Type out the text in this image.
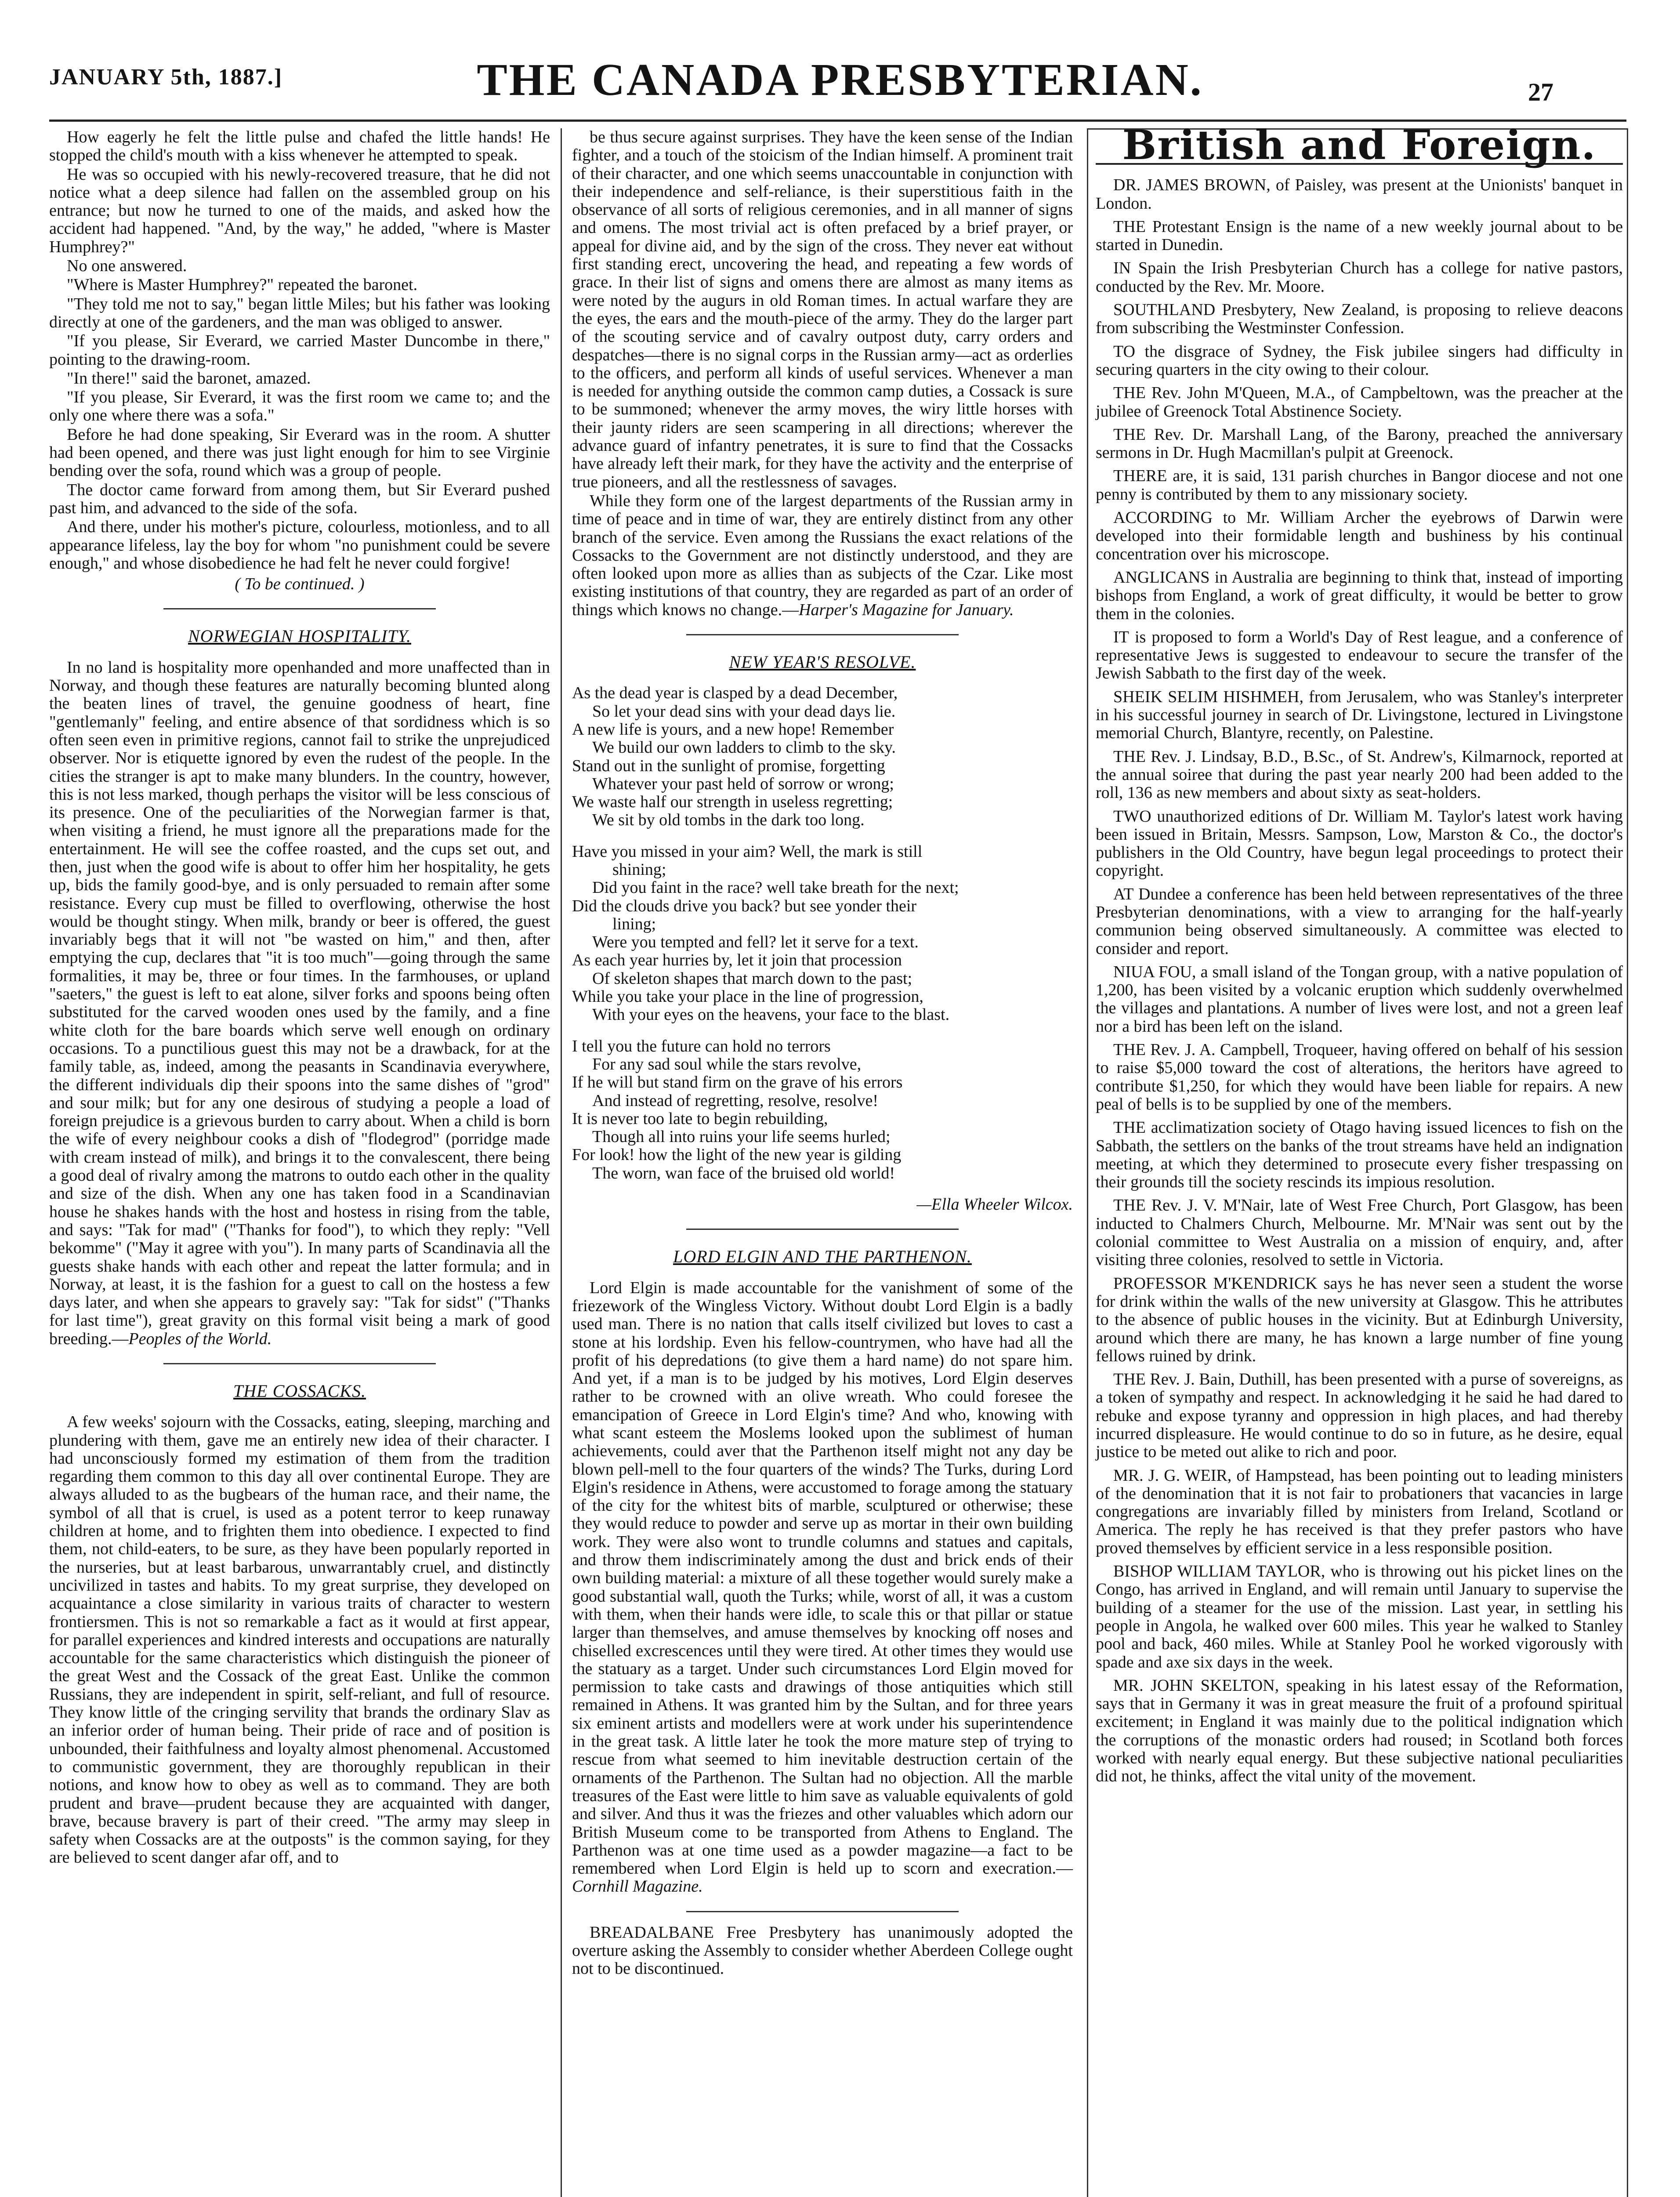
JANUARY 5th, 1887.]	THE CANADA PRESBYTERIAN.	27

How eagerly he felt the little pulse and chafed the little hands! He stopped the child's mouth with a kiss whenever he attempted to speak.

He was so occupied with his newly-recovered treasure, that he did not notice what a deep silence had fallen on the assembled group on his entrance; but now he turned to one of the maids, and asked how the accident had happened. "And, by the way," he added, "where is Master Humphrey?"

No one answered.

"Where is Master Humphrey?" repeated the baronet.

"They told me not to say," began little Miles; but his father was looking directly at one of the gardeners, and the man was obliged to answer.

"If you please, Sir Everard, we carried Master Duncombe in there," pointing to the drawing-room.

"In there!" said the baronet, amazed.

"If you please, Sir Everard, it was the first room we came to; and the only one where there was a sofa."

Before he had done speaking, Sir Everard was in the room. A shutter had been opened, and there was just light enough for him to see Virginie bending over the sofa, round which was a group of people.

The doctor came forward from among them, but Sir Everard pushed past him, and advanced to the side of the sofa.

And there, under his mother's picture, colourless, motionless, and to all appearance lifeless, lay the boy for whom "no punishment could be severe enough," and whose disobedience he had felt he never could forgive!

( To be continued. )

NORWEGIAN HOSPITALITY.

In no land is hospitality more openhanded and more unaffected than in Norway, and though these features are naturally becoming blunted along the beaten lines of travel, the genuine goodness of heart, fine "gentlemanly" feeling, and entire absence of that sordidness which is so often seen even in primitive regions, cannot fail to strike the unprejudiced observer. Nor is etiquette ignored by even the rudest of the people. In the cities the stranger is apt to make many blunders. In the country, however, this is not less marked, though perhaps the visitor will be less conscious of its presence. One of the peculiarities of the Norwegian farmer is that, when visiting a friend, he must ignore all the preparations made for the entertainment. He will see the coffee roasted, and the cups set out, and then, just when the good wife is about to offer him her hospitality, he gets up, bids the family good-bye, and is only persuaded to remain after some resistance. Every cup must be filled to overflowing, otherwise the host would be thought stingy. When milk, brandy or beer is offered, the guest invariably begs that it will not "be wasted on him," and then, after emptying the cup, declares that "it is too much"—going through the same formalities, it may be, three or four times. In the farmhouses, or upland "saeters," the guest is left to eat alone, silver forks and spoons being often substituted for the carved wooden ones used by the family, and a fine white cloth for the bare boards which serve well enough on ordinary occasions. To a punctilious guest this may not be a drawback, for at the family table, as, indeed, among the peasants in Scandinavia everywhere, the different individuals dip their spoons into the same dishes of "grod" and sour milk; but for any one desirous of studying a people a load of foreign prejudice is a grievous burden to carry about. When a child is born the wife of every neighbour cooks a dish of "flodegrod" (porridge made with cream instead of milk), and brings it to the convalescent, there being a good deal of rivalry among the matrons to outdo each other in the quality and size of the dish. When any one has taken food in a Scandinavian house he shakes hands with the host and hostess in rising from the table, and says: "Tak for mad" ("Thanks for food"), to which they reply: "Vell bekomme" ("May it agree with you"). In many parts of Scandinavia all the guests shake hands with each other and repeat the latter formula; and in Norway, at least, it is the fashion for a guest to call on the hostess a few days later, and when she appears to gravely say: "Tak for sidst" ("Thanks for last time"), great gravity on this formal visit being a mark of good breeding.—Peoples of the World.

THE COSSACKS.

A few weeks' sojourn with the Cossacks, eating, sleeping, marching and plundering with them, gave me an entirely new idea of their character. I had unconsciously formed my estimation of them from the tradition regarding them common to this day all over continental Europe. They are always alluded to as the bugbears of the human race, and their name, the symbol of all that is cruel, is used as a potent terror to keep runaway children at home, and to frighten them into obedience. I expected to find them, not child-eaters, to be sure, as they have been popularly reported in the nurseries, but at least barbarous, unwarrantably cruel, and distinctly uncivilized in tastes and habits. To my great surprise, they developed on acquaintance a close similarity in various traits of character to western frontiersmen. This is not so remarkable a fact as it would at first appear, for parallel experiences and kindred interests and occupations are naturally accountable for the same characteristics which distinguish the pioneer of the great West and the Cossack of the great East. Unlike the common Russians, they are independent in spirit, self-reliant, and full of resource. They know little of the cringing servility that brands the ordinary Slav as an inferior order of human being. Their pride of race and of position is unbounded, their faithfulness and loyalty almost phenomenal. Accustomed to communistic government, they are thoroughly republican in their notions, and know how to obey as well as to command. They are both prudent and brave—prudent because they are acquainted with danger, brave, because bravery is part of their creed. "The army may sleep in safety when Cossacks are at the outposts" is the common saying, for they are believed to scent danger afar off, and to

be thus secure against surprises. They have the keen sense of the Indian fighter, and a touch of the stoicism of the Indian himself. A prominent trait of their character, and one which seems unaccountable in conjunction with their independence and self-reliance, is their superstitious faith in the observance of all sorts of religious ceremonies, and in all manner of signs and omens. The most trivial act is often prefaced by a brief prayer, or appeal for divine aid, and by the sign of the cross. They never eat without first standing erect, uncovering the head, and repeating a few words of grace. In their list of signs and omens there are almost as many items as were noted by the augurs in old Roman times. In actual warfare they are the eyes, the ears and the mouth-piece of the army. They do the larger part of the scouting service and of cavalry outpost duty, carry orders and despatches—there is no signal corps in the Russian army—act as orderlies to the officers, and perform all kinds of useful services. Whenever a man is needed for anything outside the common camp duties, a Cossack is sure to be summoned; whenever the army moves, the wiry little horses with their jaunty riders are seen scampering in all directions; wherever the advance guard of infantry penetrates, it is sure to find that the Cossacks have already left their mark, for they have the activity and the enterprise of true pioneers, and all the restlessness of savages.

While they form one of the largest departments of the Russian army in time of peace and in time of war, they are entirely distinct from any other branch of the service. Even among the Russians the exact relations of the Cossacks to the Government are not distinctly understood, and they are often looked upon more as allies than as subjects of the Czar. Like most existing institutions of that country, they are regarded as part of an order of things which knows no change.—Harper's Magazine for January.

NEW YEAR'S RESOLVE.
As the dead year is clasped by a dead December,
So let your dead sins with your dead days lie.
A new life is yours, and a new hope! Remember
We build our own ladders to climb to the sky.
Stand out in the sunlight of promise, forgetting
Whatever your past held of sorrow or wrong;
We waste half our strength in useless regretting;
We sit by old tombs in the dark too long.
Have you missed in your aim? Well, the mark is still
shining;
Did you faint in the race? well take breath for the next;
Did the clouds drive you back? but see yonder their
lining;
Were you tempted and fell? let it serve for a text.
As each year hurries by, let it join that procession
Of skeleton shapes that march down to the past;
While you take your place in the line of progression,
With your eyes on the heavens, your face to the blast.
I tell you the future can hold no terrors
For any sad soul while the stars revolve,
If he will but stand firm on the grave of his errors
And instead of regretting, resolve, resolve!
It is never too late to begin rebuilding,
Though all into ruins your life seems hurled;
For look! how the light of the new year is gilding
The worn, wan face of the bruised old world!
—Ella Wheeler Wilcox.
LORD ELGIN AND THE PARTHENON.

Lord Elgin is made accountable for the vanishment of some of the friezework of the Wingless Victory. Without doubt Lord Elgin is a badly used man. There is no nation that calls itself civilized but loves to cast a stone at his lordship. Even his fellow-countrymen, who have had all the profit of his depredations (to give them a hard name) do not spare him. And yet, if a man is to be judged by his motives, Lord Elgin deserves rather to be crowned with an olive wreath. Who could foresee the emancipation of Greece in Lord Elgin's time? And who, knowing with what scant esteem the Moslems looked upon the sublimest of human achievements, could aver that the Parthenon itself might not any day be blown pell-mell to the four quarters of the winds? The Turks, during Lord Elgin's residence in Athens, were accustomed to forage among the statuary of the city for the whitest bits of marble, sculptured or otherwise; these they would reduce to powder and serve up as mortar in their own building work. They were also wont to trundle columns and statues and capitals, and throw them indiscriminately among the dust and brick ends of their own building material: a mixture of all these together would surely make a good substantial wall, quoth the Turks; while, worst of all, it was a custom with them, when their hands were idle, to scale this or that pillar or statue larger than themselves, and amuse themselves by knocking off noses and chiselled excrescences until they were tired. At other times they would use the statuary as a target. Under such circumstances Lord Elgin moved for permission to take casts and drawings of those antiquities which still remained in Athens. It was granted him by the Sultan, and for three years six eminent artists and modellers were at work under his superintendence in the great task. A little later he took the more mature step of trying to rescue from what seemed to him inevitable destruction certain of the ornaments of the Parthenon. The Sultan had no objection. All the marble treasures of the East were little to him save as valuable equivalents of gold and silver. And thus it was the friezes and other valuables which adorn our British Museum come to be transported from Athens to England. The Parthenon was at one time used as a powder magazine—a fact to be remembered when Lord Elgin is held up to scorn and execration.—Cornhill Magazine.

BREADALBANE Free Presbytery has unanimously adopted the overture asking the Assembly to consider whether Aberdeen College ought not to be discontinued.

British and Foreign.

DR. JAMES BROWN, of Paisley, was present at the Unionists' banquet in London.

THE Protestant Ensign is the name of a new weekly journal about to be started in Dunedin.

IN Spain the Irish Presbyterian Church has a college for native pastors, conducted by the Rev. Mr. Moore.

SOUTHLAND Presbytery, New Zealand, is proposing to relieve deacons from subscribing the Westminster Confession.

TO the disgrace of Sydney, the Fisk jubilee singers had difficulty in securing quarters in the city owing to their colour.

THE Rev. John M'Queen, M.A., of Campbeltown, was the preacher at the jubilee of Greenock Total Abstinence Society.

THE Rev. Dr. Marshall Lang, of the Barony, preached the anniversary sermons in Dr. Hugh Macmillan's pulpit at Greenock.

THERE are, it is said, 131 parish churches in Bangor diocese and not one penny is contributed by them to any missionary society.

ACCORDING to Mr. William Archer the eyebrows of Darwin were developed into their formidable length and bushiness by his continual concentration over his microscope.

ANGLICANS in Australia are beginning to think that, instead of importing bishops from England, a work of great difficulty, it would be better to grow them in the colonies.

IT is proposed to form a World's Day of Rest league, and a conference of representative Jews is suggested to endeavour to secure the transfer of the Jewish Sabbath to the first day of the week.

SHEIK SELIM HISHMEH, from Jerusalem, who was Stanley's interpreter in his successful journey in search of Dr. Livingstone, lectured in Livingstone memorial Church, Blantyre, recently, on Palestine.

THE Rev. J. Lindsay, B.D., B.Sc., of St. Andrew's, Kilmarnock, reported at the annual soiree that during the past year nearly 200 had been added to the roll, 136 as new members and about sixty as seat-holders.

TWO unauthorized editions of Dr. William M. Taylor's latest work having been issued in Britain, Messrs. Sampson, Low, Marston & Co., the doctor's publishers in the Old Country, have begun legal proceedings to protect their copyright.

AT Dundee a conference has been held between representatives of the three Presbyterian denominations, with a view to arranging for the half-yearly communion being observed simultaneously. A committee was elected to consider and report.

NIUA FOU, a small island of the Tongan group, with a native population of 1,200, has been visited by a volcanic eruption which suddenly overwhelmed the villages and plantations. A number of lives were lost, and not a green leaf nor a bird has been left on the island.

THE Rev. J. A. Campbell, Troqueer, having offered on behalf of his session to raise $5,000 toward the cost of alterations, the heritors have agreed to contribute $1,250, for which they would have been liable for repairs. A new peal of bells is to be supplied by one of the members.

THE acclimatization society of Otago having issued licences to fish on the Sabbath, the settlers on the banks of the trout streams have held an indignation meeting, at which they determined to prosecute every fisher trespassing on their grounds till the society rescinds its impious resolution.

THE Rev. J. V. M'Nair, late of West Free Church, Port Glasgow, has been inducted to Chalmers Church, Melbourne. Mr. M'Nair was sent out by the colonial committee to West Australia on a mission of enquiry, and, after visiting three colonies, resolved to settle in Victoria.

PROFESSOR M'KENDRICK says he has never seen a student the worse for drink within the walls of the new university at Glasgow. This he attributes to the absence of public houses in the vicinity. But at Edinburgh University, around which there are many, he has known a large number of fine young fellows ruined by drink.

THE Rev. J. Bain, Duthill, has been presented with a purse of sovereigns, as a token of sympathy and respect. In acknowledging it he said he had dared to rebuke and expose tyranny and oppression in high places, and had thereby incurred displeasure. He would continue to do so in future, as he desire, equal justice to be meted out alike to rich and poor.

MR. J. G. WEIR, of Hampstead, has been pointing out to leading ministers of the denomination that it is not fair to probationers that vacancies in large congregations are invariably filled by ministers from Ireland, Scotland or America. The reply he has received is that they prefer pastors who have proved themselves by efficient service in a less responsible position.

BISHOP WILLIAM TAYLOR, who is throwing out his picket lines on the Congo, has arrived in England, and will remain until January to supervise the building of a steamer for the use of the mission. Last year, in settling his people in Angola, he walked over 600 miles. This year he walked to Stanley pool and back, 460 miles. While at Stanley Pool he worked vigorously with spade and axe six days in the week.

MR. JOHN SKELTON, speaking in his latest essay of the Reformation, says that in Germany it was in great measure the fruit of a profound spiritual excitement; in England it was mainly due to the political indignation which the corruptions of the monastic orders had roused; in Scotland both forces worked with nearly equal energy. But these subjective national peculiarities did not, he thinks, affect the vital unity of the movement.
